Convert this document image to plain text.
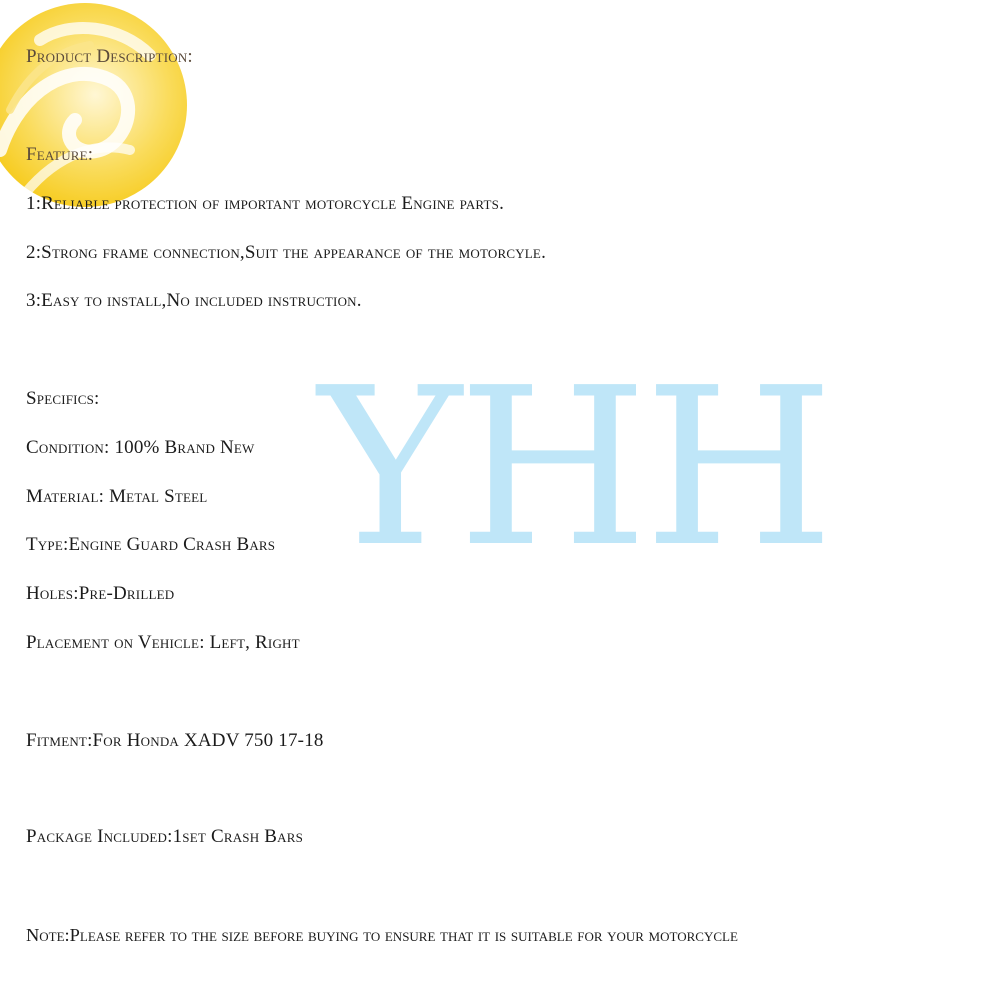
YHH
Product Description:
Feature:
1:Reliable protection of important motorcycle Engine parts.
2:Strong frame connection,Suit the appearance of the motorcyle.
3:Easy to install,No included instruction.
Specifics:
Condition: 100% Brand New
Material: Metal Steel
Type:Engine Guard Crash Bars
Holes:Pre-Drilled
Placement on Vehicle: Left, Right
Fitment:For Honda XADV 750 17-18
Package Included:1set Crash Bars
Note:Please refer to the size before buying to ensure that it is suitable for your motorcycle
